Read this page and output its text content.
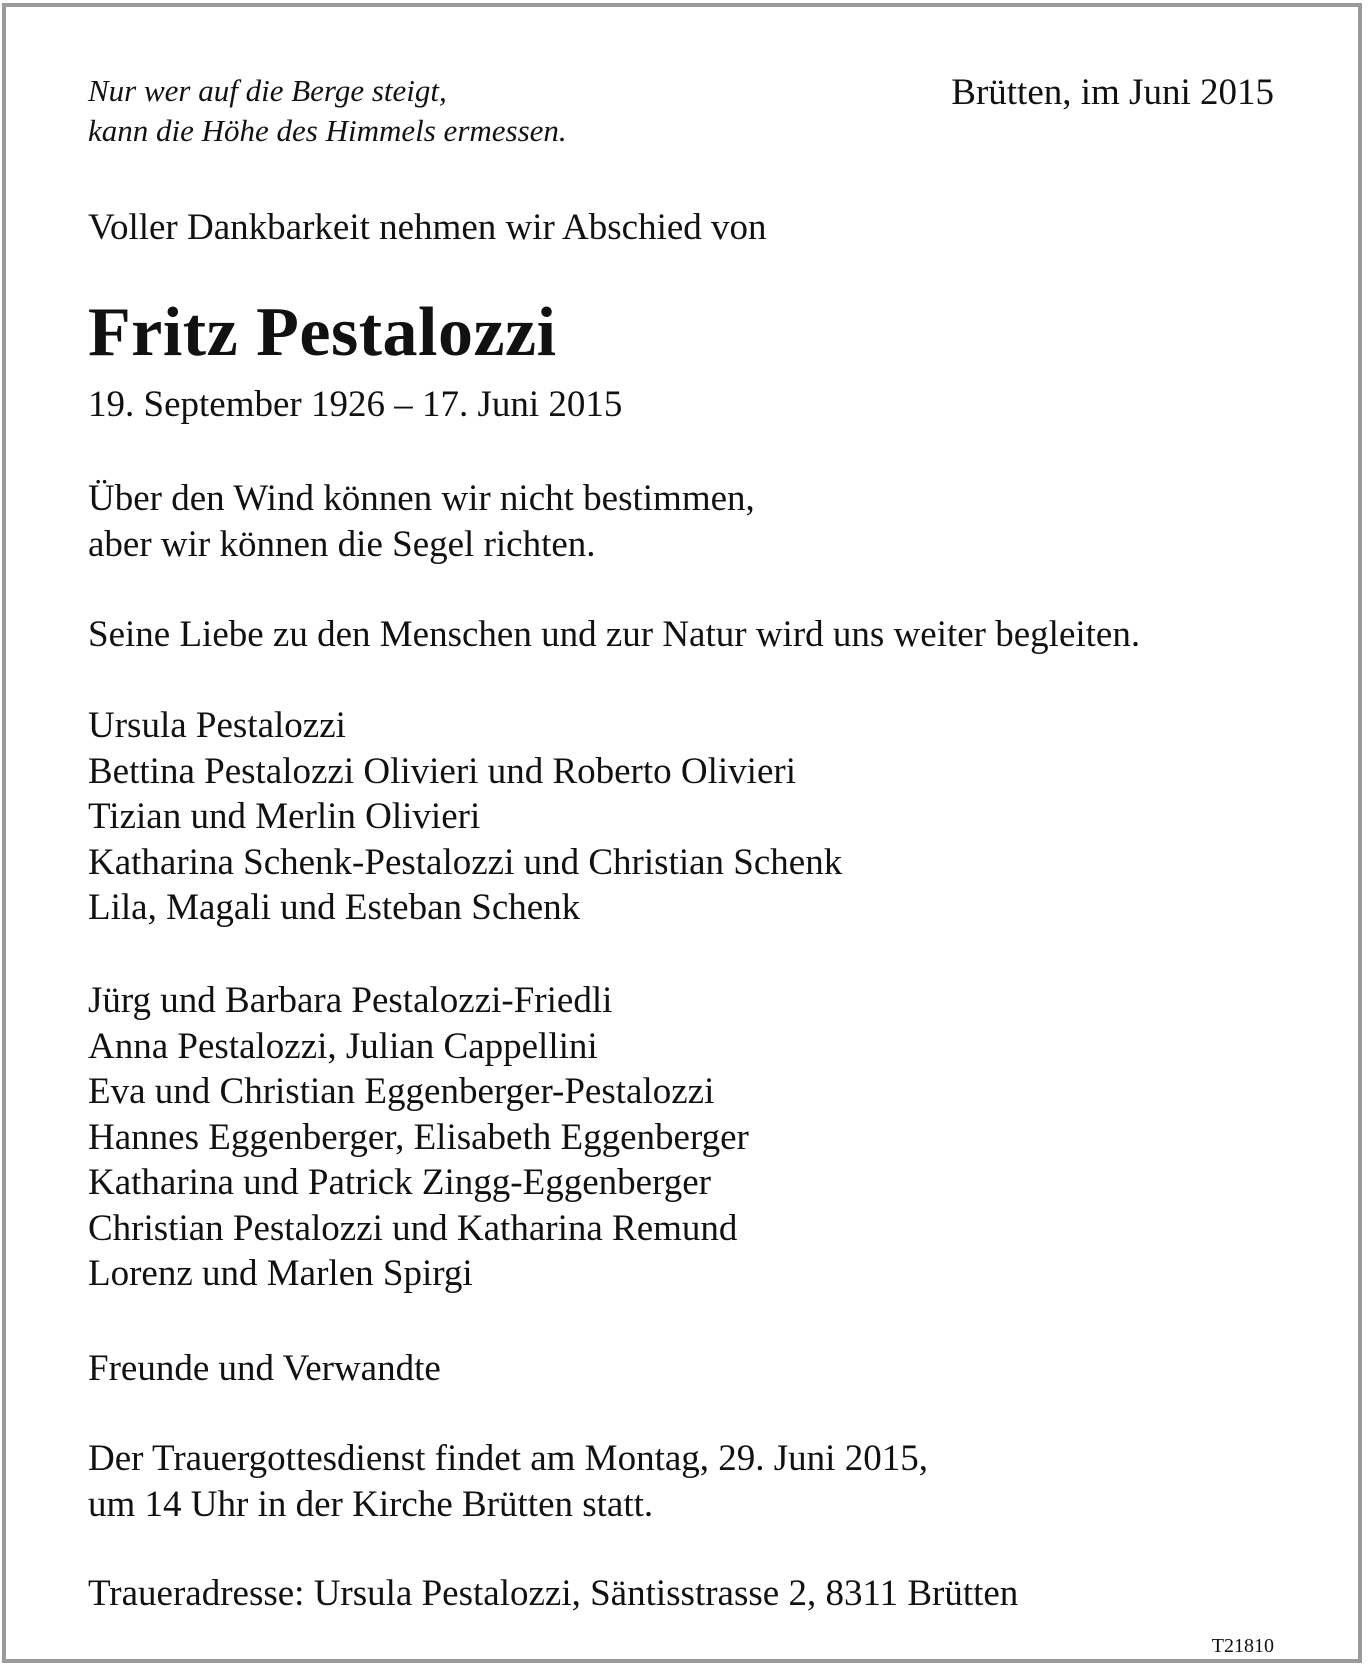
Nur wer auf die Berge steigt,
kann die Höhe des Himmels ermessen.
Brütten, im Juni 2015
Voller Dankbarkeit nehmen wir Abschied von
Fritz Pestalozzi
19. September 1926 – 17. Juni 2015
Über den Wind können wir nicht bestimmen,
aber wir können die Segel richten.
Seine Liebe zu den Menschen und zur Natur wird uns weiter begleiten.
Ursula Pestalozzi
Bettina Pestalozzi Olivieri und Roberto Olivieri
Tizian und Merlin Olivieri
Katharina Schenk-Pestalozzi und Christian Schenk
Lila, Magali und Esteban Schenk
Jürg und Barbara Pestalozzi-Friedli
Anna Pestalozzi, Julian Cappellini
Eva und Christian Eggenberger-Pestalozzi
Hannes Eggenberger, Elisabeth Eggenberger
Katharina und Patrick Zingg-Eggenberger
Christian Pestalozzi und Katharina Remund
Lorenz und Marlen Spirgi
Freunde und Verwandte
Der Trauergottesdienst findet am Montag, 29. Juni 2015,
um 14 Uhr in der Kirche Brütten statt.
Traueradresse: Ursula Pestalozzi, Säntisstrasse 2, 8311 Brütten
T21810
